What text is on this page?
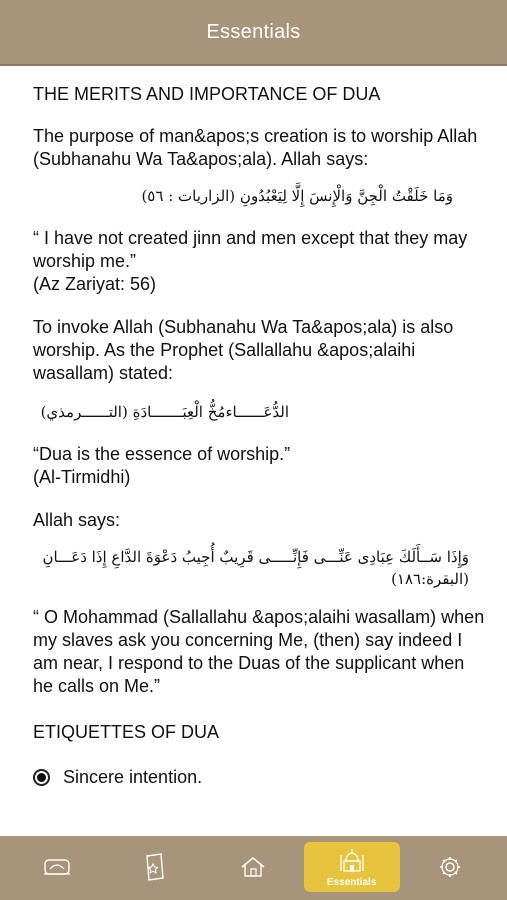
Essentials
THE MERITS AND IMPORTANCE OF DUA
The purpose of man&apos;s creation is to worship Allah (Subhanahu Wa Ta&apos;ala). Allah says:
وَمَا خَلَقْتُ الْجِنَّ وَالْإِنسَ إِلَّا لِيَعْبُدُونِ (الزاريات : ٥٦)
“ I have not created jinn and men except that they may worship me.”
(Az Zariyat: 56)
To invoke Allah (Subhanahu Wa Ta&apos;ala) is also worship. As the Prophet (Sallallahu &apos;alaihi wasallam) stated:
الدُّعَــــــاءمُخُّ الْعِبَـــــــادَةِ (التــــــرمذي)
“Dua is the essence of worship.”
(Al-Tirmidhi)
Allah says:
وَإِذَا سَــأَلَكَ عِبَادِى عَنِّـــى فَإِنِّـــــى قَرِيبٌ أُجِيبُ دَعْوَةَ الدَّاعِ إِذَا دَعَـــانِ (البقرة:١٨٦)
“ O Mohammad (Sallallahu &apos;alaihi wasallam) when my slaves ask you concerning Me, (then) say indeed I am near, I respond to the Duas of the supplicant when he calls on Me.”
ETIQUETTES OF DUA
Sincere intention.
Essentials
